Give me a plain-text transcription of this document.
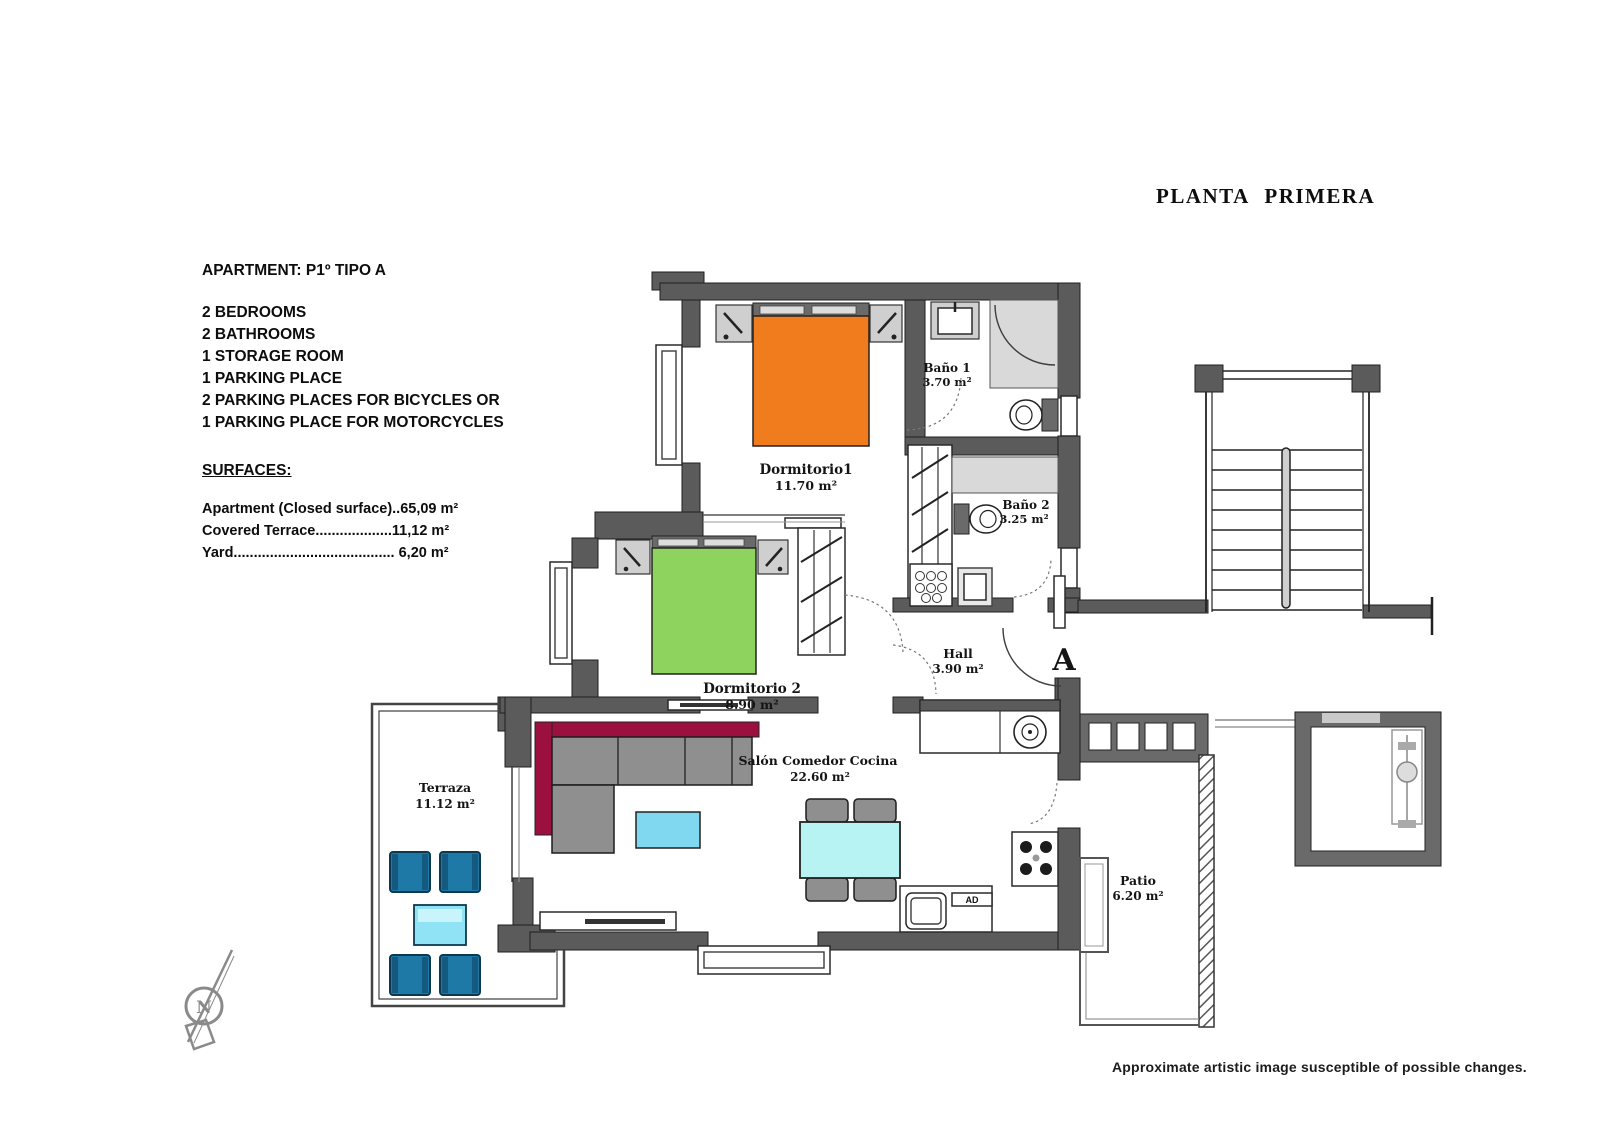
PLANTA PRIMERA
APARTMENT: P1º TIPO A
2 BEDROOMS
2 BATHROOMS
1 STORAGE ROOM
1 PARKING PLACE
2 PARKING PLACES FOR BICYCLES OR
1 PARKING PLACE FOR MOTORCYCLES
SURFACES:
Apartment (Closed surface)..65,09 m²
Covered Terrace...................11,12 m²
Yard........................................ 6,20 m²
Approximate artistic image susceptible of possible changes.
Dormitorio1
11.70 m²
Baño 1
3.70 m²
Baño 2
3.25 m²
Dormitorio 2
8.90 m²
Hall
3.90 m² A
AD
Salón Comedor Cocina
22.60 m²
Terraza
11.12 m²
Patio
6.20 m²
N
